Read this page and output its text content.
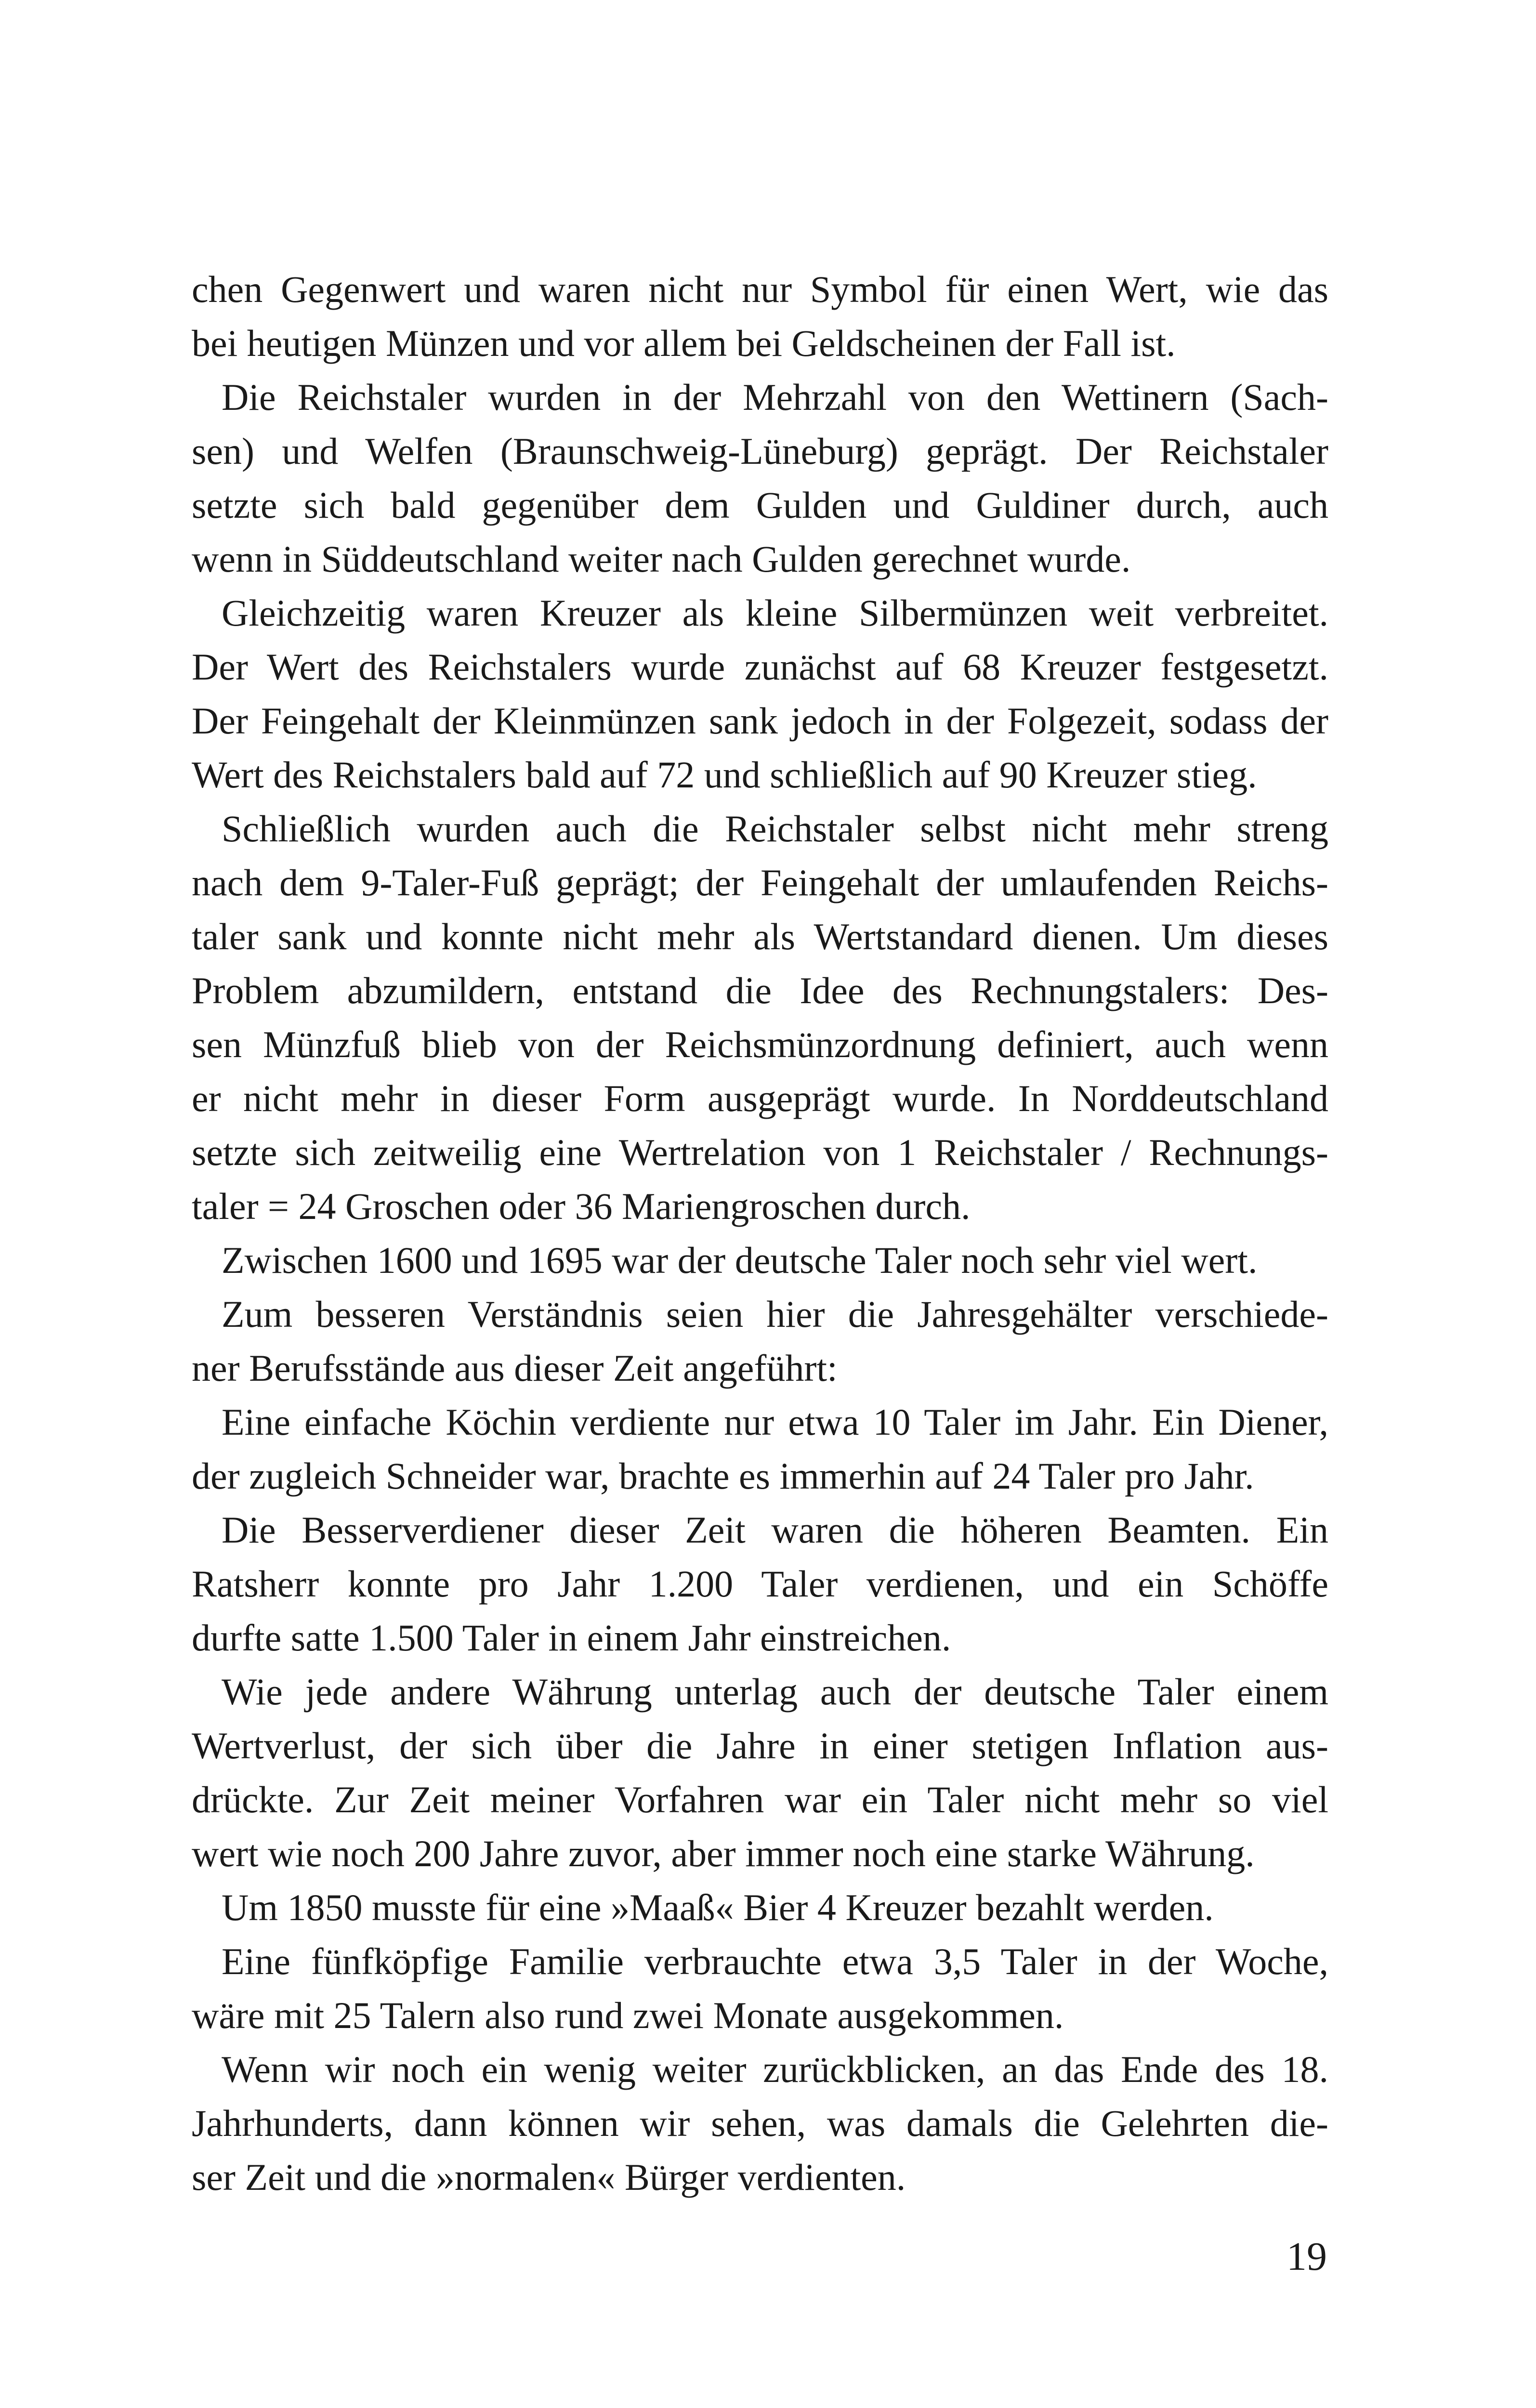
chen Gegenwert und waren nicht nur Symbol für einen Wert, wie das
bei heutigen Münzen und vor allem bei Geldscheinen der Fall ist.
Die Reichstaler wurden in der Mehrzahl von den Wettinern (Sach-
sen) und Welfen (Braunschweig-Lüneburg) geprägt. Der Reichstaler
setzte sich bald gegenüber dem Gulden und Guldiner durch, auch
wenn in Süddeutschland weiter nach Gulden gerechnet wurde.
Gleichzeitig waren Kreuzer als kleine Silbermünzen weit verbreitet.
Der Wert des Reichstalers wurde zunächst auf 68 Kreuzer festgesetzt.
Der Feingehalt der Kleinmünzen sank jedoch in der Folgezeit, sodass der
Wert des Reichstalers bald auf 72 und schließlich auf 90 Kreuzer stieg.
Schließlich wurden auch die Reichstaler selbst nicht mehr streng
nach dem 9-Taler-Fuß geprägt; der Feingehalt der umlaufenden Reichs-
taler sank und konnte nicht mehr als Wertstandard dienen. Um dieses
Problem abzumildern, entstand die Idee des Rechnungstalers: Des-
sen Münzfuß blieb von der Reichsmünzordnung definiert, auch wenn
er nicht mehr in dieser Form ausgeprägt wurde. In Norddeutschland
setzte sich zeitweilig eine Wertrelation von 1 Reichstaler / Rechnungs-
taler = 24 Groschen oder 36 Mariengroschen durch.
Zwischen 1600 und 1695 war der deutsche Taler noch sehr viel wert.
Zum besseren Verständnis seien hier die Jahresgehälter verschiede-
ner Berufsstände aus dieser Zeit angeführt:
Eine einfache Köchin verdiente nur etwa 10 Taler im Jahr. Ein Diener,
der zugleich Schneider war, brachte es immerhin auf 24 Taler pro Jahr.
Die Besserverdiener dieser Zeit waren die höheren Beamten. Ein
Ratsherr konnte pro Jahr 1.200 Taler verdienen, und ein Schöffe
durfte satte 1.500 Taler in einem Jahr einstreichen.
Wie jede andere Währung unterlag auch der deutsche Taler einem
Wertverlust, der sich über die Jahre in einer stetigen Inflation aus-
drückte. Zur Zeit meiner Vorfahren war ein Taler nicht mehr so viel
wert wie noch 200 Jahre zuvor, aber immer noch eine starke Währung.
Um 1850 musste für eine »Maaß« Bier 4 Kreuzer bezahlt werden.
Eine fünfköpfige Familie verbrauchte etwa 3,5 Taler in der Woche,
wäre mit 25 Talern also rund zwei Monate ausgekommen.
Wenn wir noch ein wenig weiter zurückblicken, an das Ende des 18.
Jahrhunderts, dann können wir sehen, was damals die Gelehrten die-
ser Zeit und die »normalen« Bürger verdienten.
19
